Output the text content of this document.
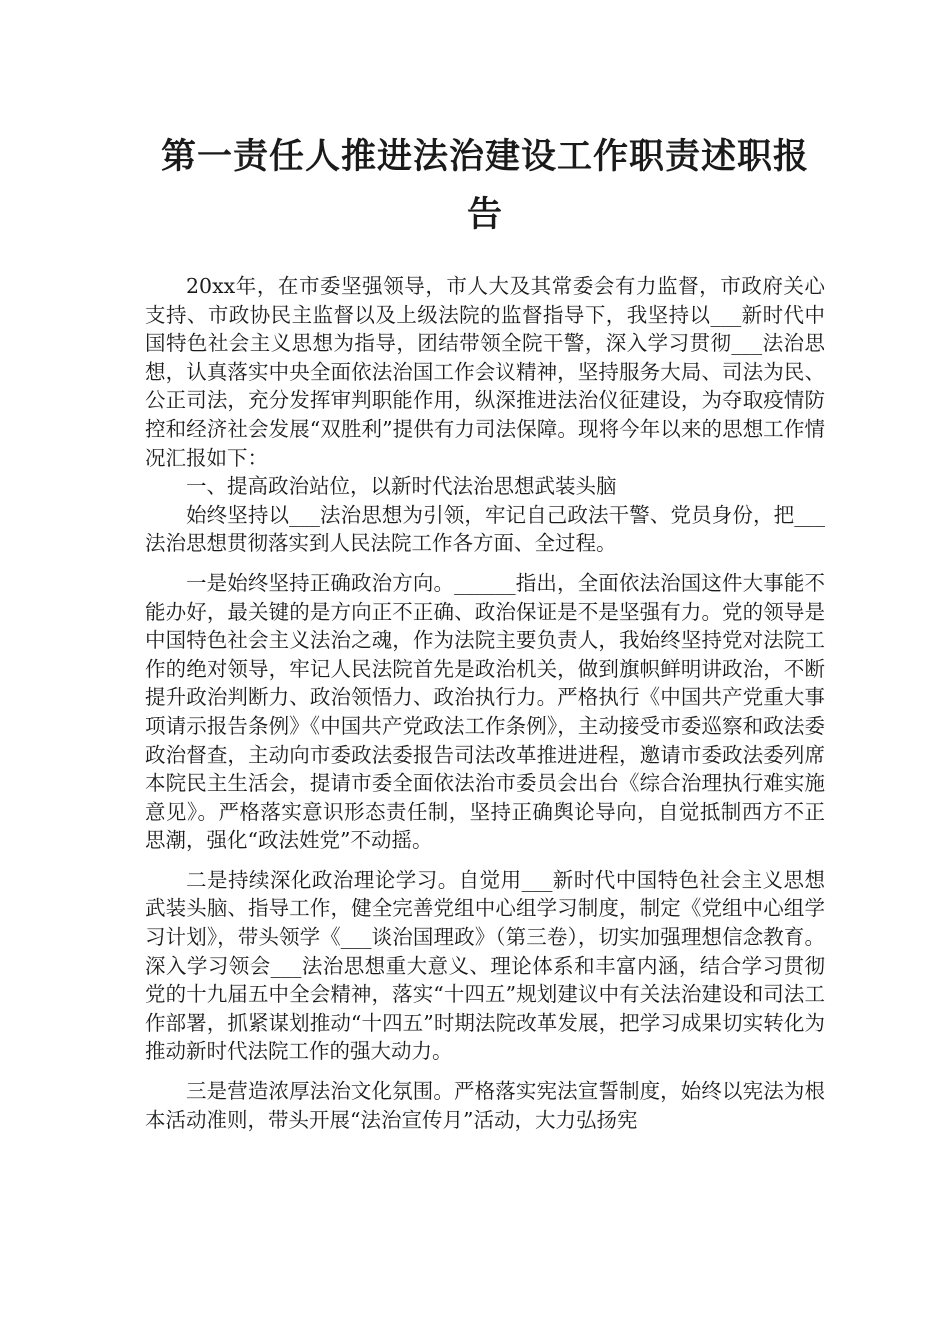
第一责任人推进法治建设工作职责述职报
告

20xx年，在市委坚强领导，市人大及其常委会有力监督，市政府关心支持、市政协民主监督以及上级法院的监督指导下，我坚持以___新时代中国特色社会主义思想为指导，团结带领全院干警，深入学习贯彻___法治思想，认真落实中央全面依法治国工作会议精神，坚持服务大局、司法为民、公正司法，充分发挥审判职能作用，纵深推进法治仪征建设，为夺取疫情防控和经济社会发展“双胜利”提供有力司法保障。现将今年以来的思想工作情况汇报如下：

一、提高政治站位，以新时代法治思想武装头脑

始终坚持以___法治思想为引领，牢记自己政法干警、党员身份，把___法治思想贯彻落实到人民法院工作各方面、全过程。

一是始终坚持正确政治方向。______指出，全面依法治国这件大事能不能办好，最关键的是方向正不正确、政治保证是不是坚强有力。党的领导是中国特色社会主义法治之魂，作为法院主要负责人，我始终坚持党对法院工作的绝对领导，牢记人民法院首先是政治机关，做到旗帜鲜明讲政治，不断提升政治判断力、政治领悟力、政治执行力。严格执行《中国共产党重大事项请示报告条例》《中国共产党政法工作条例》，主动接受市委巡察和政法委政治督查，主动向市委政法委报告司法改革推进进程，邀请市委政法委列席本院民主生活会，提请市委全面依法治市委员会出台《综合治理执行难实施意见》。严格落实意识形态责任制，坚持正确舆论导向，自觉抵制西方不正思潮，强化“政法姓党”不动摇。

二是持续深化政治理论学习。自觉用___新时代中国特色社会主义思想武装头脑、指导工作，健全完善党组中心组学习制度，制定《党组中心组学习计划》，带头领学《___谈治国理政》（第三卷），切实加强理想信念教育。深入学习领会___法治思想重大意义、理论体系和丰富内涵，结合学习贯彻党的十九届五中全会精神，落实“十四五”规划建议中有关法治建设和司法工作部署，抓紧谋划推动“十四五”时期法院改革发展，把学习成果切实转化为推动新时代法院工作的强大动力。

三是营造浓厚法治文化氛围。严格落实宪法宣誓制度，始终以宪法为根本活动准则，带头开展“法治宣传月”活动，大力弘扬宪
